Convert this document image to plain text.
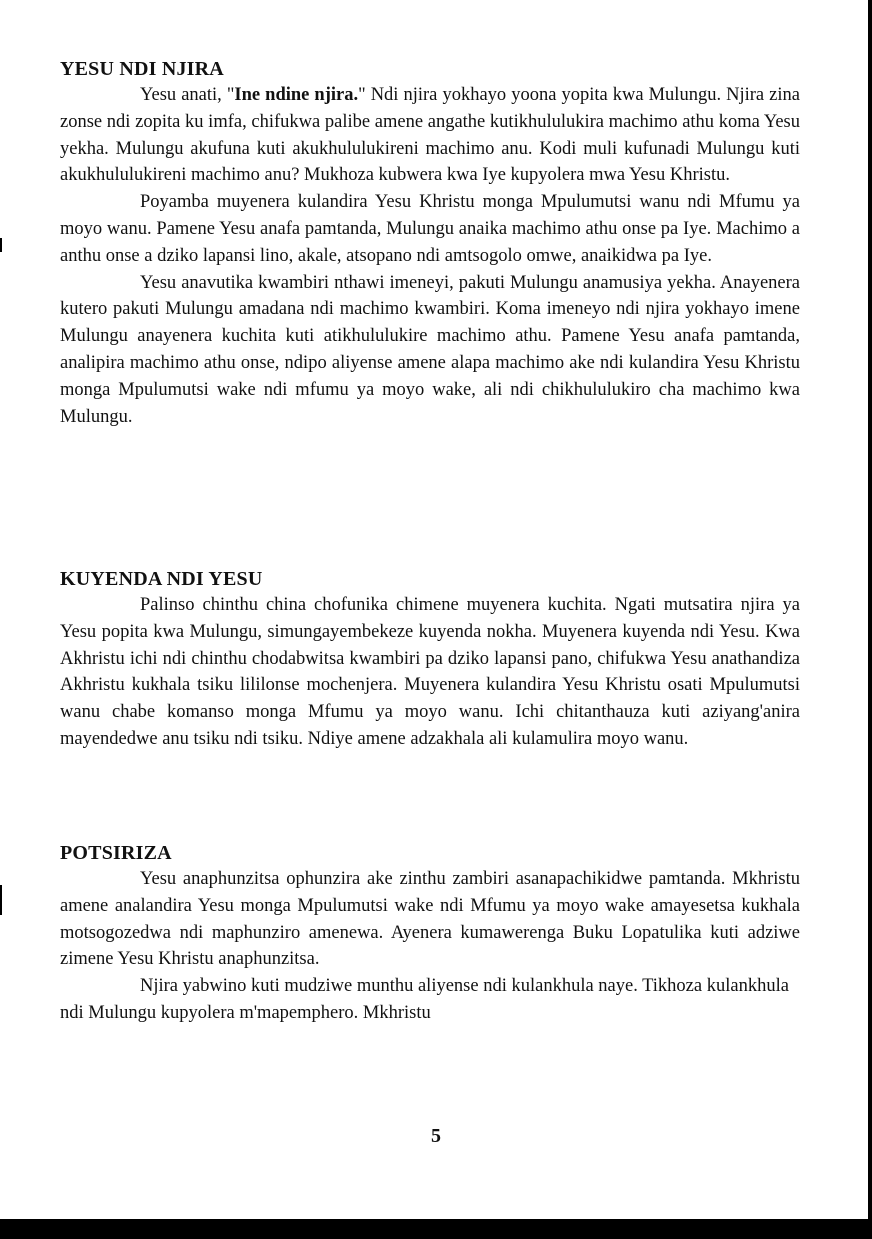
YESU NDI NJIRA

Yesu anati, "Ine ndine njira." Ndi njira yokhayo yoona yopita kwa Mulungu. Njira zina zonse ndi zopita ku imfa, chifukwa palibe amene angathe kutikhululukira machimo athu koma Yesu yekha. Mulungu akufuna kuti akukhululukireni machimo anu. Kodi muli kufunadi Mulungu kuti akukhululukireni machimo anu? Mukhoza kubwera kwa Iye kupyolera mwa Yesu Khristu.

Poyamba muyenera kulandira Yesu Khristu monga Mpulumutsi wanu ndi Mfumu ya moyo wanu. Pamene Yesu anafa pamtanda, Mulungu anaika machimo athu onse pa Iye. Machimo a anthu onse a dziko lapansi lino, akale, atsopano ndi amtsogolo omwe, anaikidwa pa Iye.

Yesu anavutika kwambiri nthawi imeneyi, pakuti Mulungu anamusiya yekha. Anayenera kutero pakuti Mulungu amadana ndi machimo kwambiri. Koma imeneyo ndi njira yokhayo imene Mulungu anayenera kuchita kuti atikhululukire machimo athu. Pamene Yesu anafa pamtanda, analipira machimo athu onse, ndipo aliyense amene alapa machimo ake ndi kulandira Yesu Khristu monga Mpulumutsi wake ndi mfumu ya moyo wake, ali ndi chikhululukiro cha machimo kwa Mulungu.

KUYENDA NDI YESU

Palinso chinthu china chofunika chimene muyenera kuchita. Ngati mutsatira njira ya Yesu popita kwa Mulungu, simungayembekeze kuyenda nokha. Muyenera kuyenda ndi Yesu. Kwa Akhristu ichi ndi chinthu chodabwitsa kwambiri pa dziko lapansi pano, chifukwa Yesu anathandiza Akhristu kukhala tsiku lililonse mochenjera. Muyenera kulandira Yesu Khristu osati Mpulumutsi wanu chabe komanso monga Mfumu ya moyo wanu. Ichi chitanthauza kuti aziyang'anira mayendedwe anu tsiku ndi tsiku. Ndiye amene adzakhala ali kulamulira moyo wanu.

POTSIRIZA

Yesu anaphunzitsa ophunzira ake zinthu zambiri asanapachikidwe pamtanda. Mkhristu amene analandira Yesu monga Mpulumutsi wake ndi Mfumu ya moyo wake amayesetsa kukhala motsogozedwa ndi maphunziro amenewa. Ayenera kumawerenga Buku Lopatulika kuti adziwe zimene Yesu Khristu anaphunzitsa.

Njira yabwino kuti mudziwe munthu aliyense ndi kulankhula naye. Tikhoza kulankhula ndi Mulungu kupyolera m'mapemphero. Mkhristu

5
